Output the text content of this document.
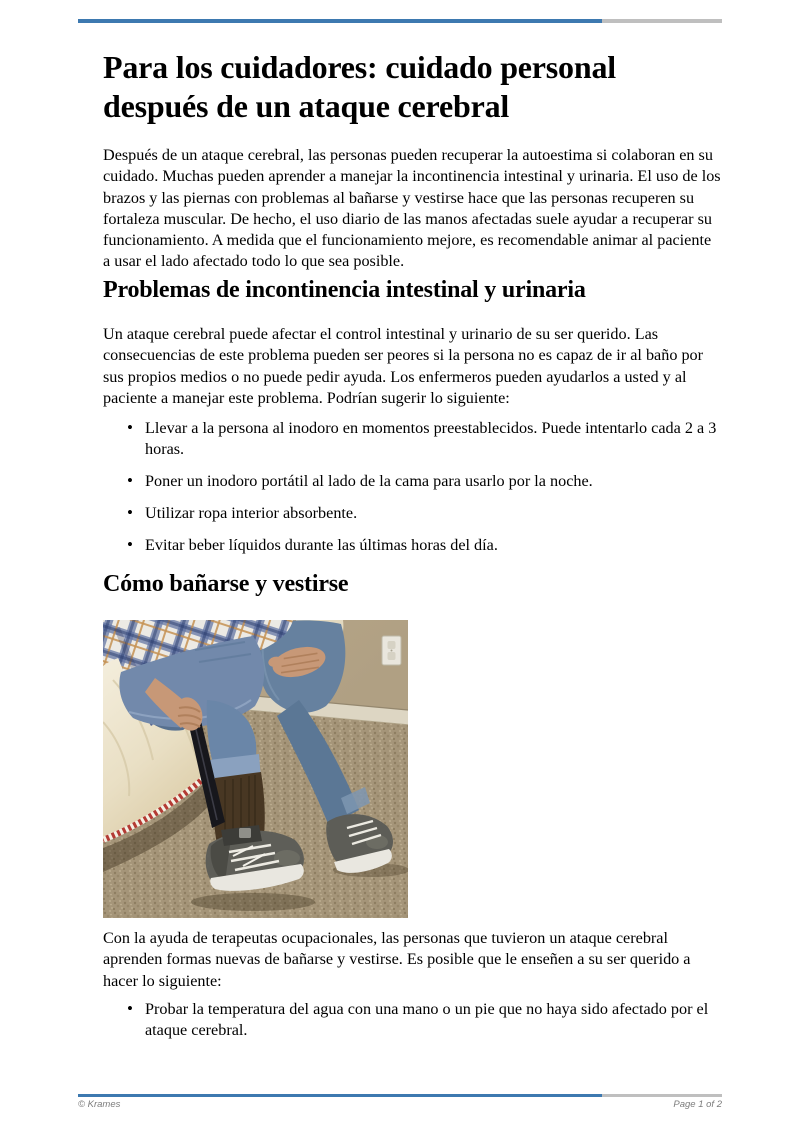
Para los cuidadores: cuidado personal después de un ataque cerebral

Después de un ataque cerebral, las personas pueden recuperar la autoestima si colaboran en su cuidado. Muchas pueden aprender a manejar la incontinencia intestinal y urinaria. El uso de los brazos y las piernas con problemas al bañarse y vestirse hace que las personas recuperen su fortaleza muscular. De hecho, el uso diario de las manos afectadas suele ayudar a recuperar su funcionamiento. A medida que el funcionamiento mejore, es recomendable animar al paciente a usar el lado afectado todo lo que sea posible.

Problemas de incontinencia intestinal y urinaria

Un ataque cerebral puede afectar el control intestinal y urinario de su ser querido. Las consecuencias de este problema pueden ser peores si la persona no es capaz de ir al baño por sus propios medios o no puede pedir ayuda. Los enfermeros pueden ayudarlos a usted y al paciente a manejar este problema. Podrían sugerir lo siguiente:

• Llevar a la persona al inodoro en momentos preestablecidos. Puede intentarlo cada 2 a 3 horas.
• Poner un inodoro portátil al lado de la cama para usarlo por la noche.
• Utilizar ropa interior absorbente.
• Evitar beber líquidos durante las últimas horas del día.
Cómo bañarse y vestirse

Con la ayuda de terapeutas ocupacionales, las personas que tuvieron un ataque cerebral aprenden formas nuevas de bañarse y vestirse. Es posible que le enseñen a su ser querido a hacer lo siguiente:

• Probar la temperatura del agua con una mano o un pie que no haya sido afectado por el ataque cerebral.
© Krames	Page 1 of 2
